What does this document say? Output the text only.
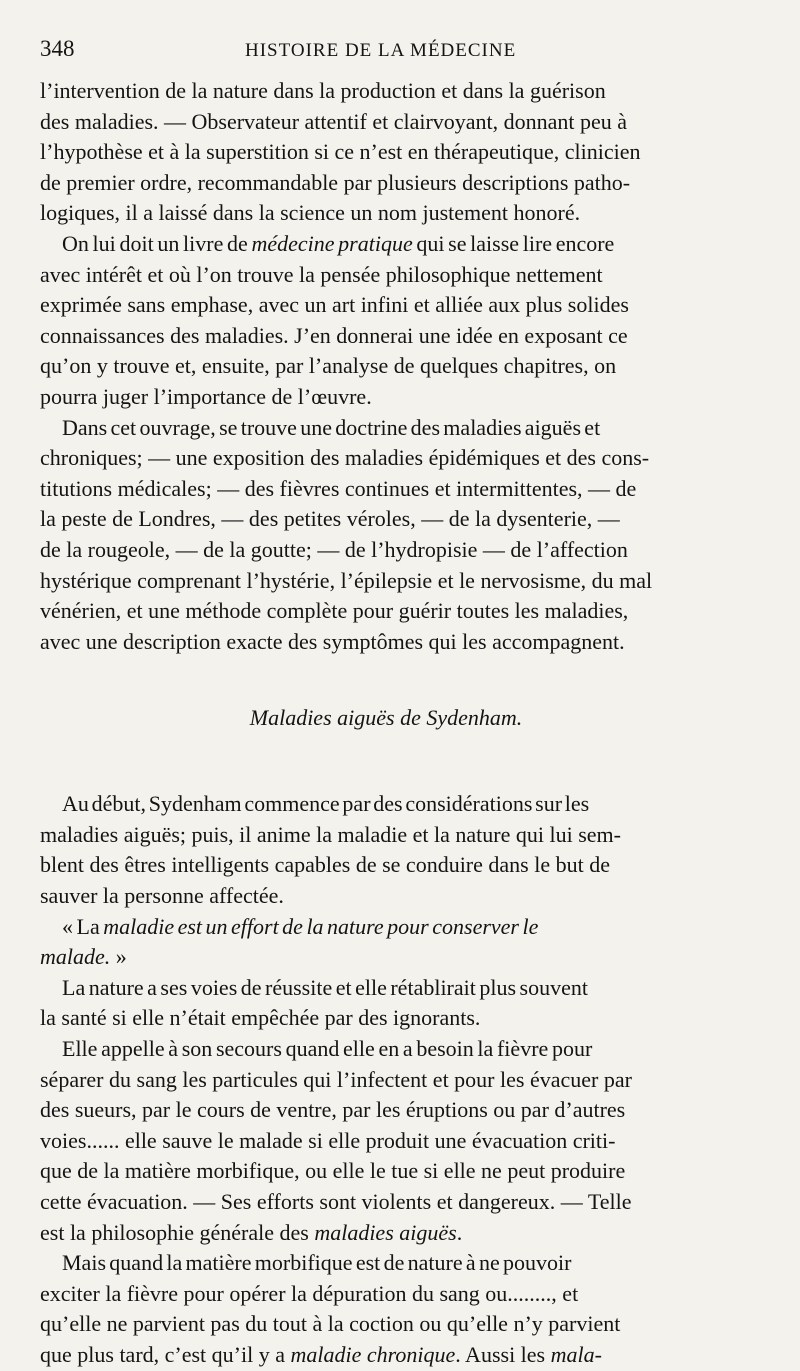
348	HISTOIRE DE LA MÉDECINE

l’intervention de la nature dans la production et dans la guérison
des maladies. — Observateur attentif et clairvoyant, donnant peu à
l’hypothèse et à la superstition si ce n’est en thérapeutique, clinicien
de premier ordre, recommandable par plusieurs descriptions patho-
logiques, il a laissé dans la science un nom justement honoré.

On lui doit un livre de médecine pratique qui se laisse lire encore
avec intérêt et où l’on trouve la pensée philosophique nettement
exprimée sans emphase, avec un art infini et alliée aux plus solides
connaissances des maladies. J’en donnerai une idée en exposant ce
qu’on y trouve et, ensuite, par l’analyse de quelques chapitres, on
pourra juger l’importance de l’œuvre.

Dans cet ouvrage, se trouve une doctrine des maladies aiguës et
chroniques; — une exposition des maladies épidémiques et des cons-
titutions médicales; — des fièvres continues et intermittentes, — de
la peste de Londres, — des petites véroles, — de la dysenterie, —
de la rougeole, — de la goutte; — de l’hydropisie — de l’affection
hystérique comprenant l’hystérie, l’épilepsie et le nervosisme, du mal
vénérien, et une méthode complète pour guérir toutes les maladies,
avec une description exacte des symptômes qui les accompagnent.

Maladies aiguës de Sydenham.

Au début, Sydenham commence par des considérations sur les
maladies aiguës; puis, il anime la maladie et la nature qui lui sem-
blent des êtres intelligents capables de se conduire dans le but de
sauver la personne affectée.

« La maladie est un effort de la nature pour conserver le
malade. »

La nature a ses voies de réussite et elle rétablirait plus souvent
la santé si elle n’était empêchée par des ignorants.

Elle appelle à son secours quand elle en a besoin la fièvre pour
séparer du sang les particules qui l’infectent et pour les évacuer par
des sueurs, par le cours de ventre, par les éruptions ou par d’autres
voies...... elle sauve le malade si elle produit une évacuation criti-
que de la matière morbifique, ou elle le tue si elle ne peut produire
cette évacuation. — Ses efforts sont violents et dangereux. — Telle
est la philosophie générale des maladies aiguës.

Mais quand la matière morbifique est de nature à ne pouvoir
exciter la fièvre pour opérer la dépuration du sang ou........, et
qu’elle ne parvient pas du tout à la coction ou qu’elle n’y parvient
que plus tard, c’est qu’il y a maladie chronique. Aussi les mala-
